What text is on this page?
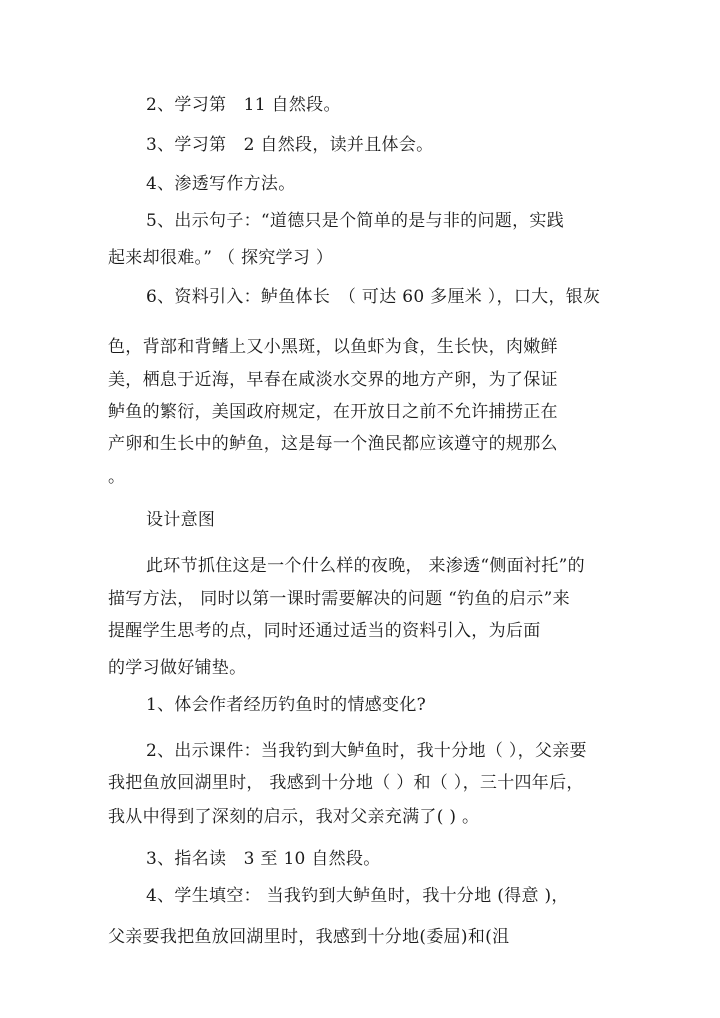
2、学习第　11 自然段。
3、学习第　2 自然段，读并且体会。
4、渗透写作方法。
5、出示句子：“道德只是个简单的是与非的问题，实践
起来却很难。” （ 探究学习 ）
6、资料引入：鲈鱼体长　（ 可达 60 多厘米 ），口大，银灰
色，背部和背鳍上又小黑斑，以鱼虾为食，生长快，肉嫩鲜
美，栖息于近海，早春在咸淡水交界的地方产卵，为了保证
鲈鱼的繁衍，美国政府规定，在开放日之前不允许捕捞正在
产卵和生长中的鲈鱼，这是每一个渔民都应该遵守的规那么
。
设计意图
此环节抓住这是一个什么样的夜晚， 来渗透“侧面衬托”的
描写方法， 同时以第一课时需要解决的问题 “钓鱼的启示”来
提醒学生思考的点，同时还通过适当的资料引入，为后面
的学习做好铺垫。
1、体会作者经历钓鱼时的情感变化?
2、出示课件：当我钓到大鲈鱼时，我十分地（ ），父亲要
我把鱼放回湖里时， 我感到十分地（ ）和（ ），三十四年后，
我从中得到了深刻的启示，我对父亲充满了( ) 。
3、指名读　3 至 10 自然段。
4、学生填空： 当我钓到大鲈鱼时，我十分地 (得意 )，
父亲要我把鱼放回湖里时，我感到十分地(委屈)和(沮
